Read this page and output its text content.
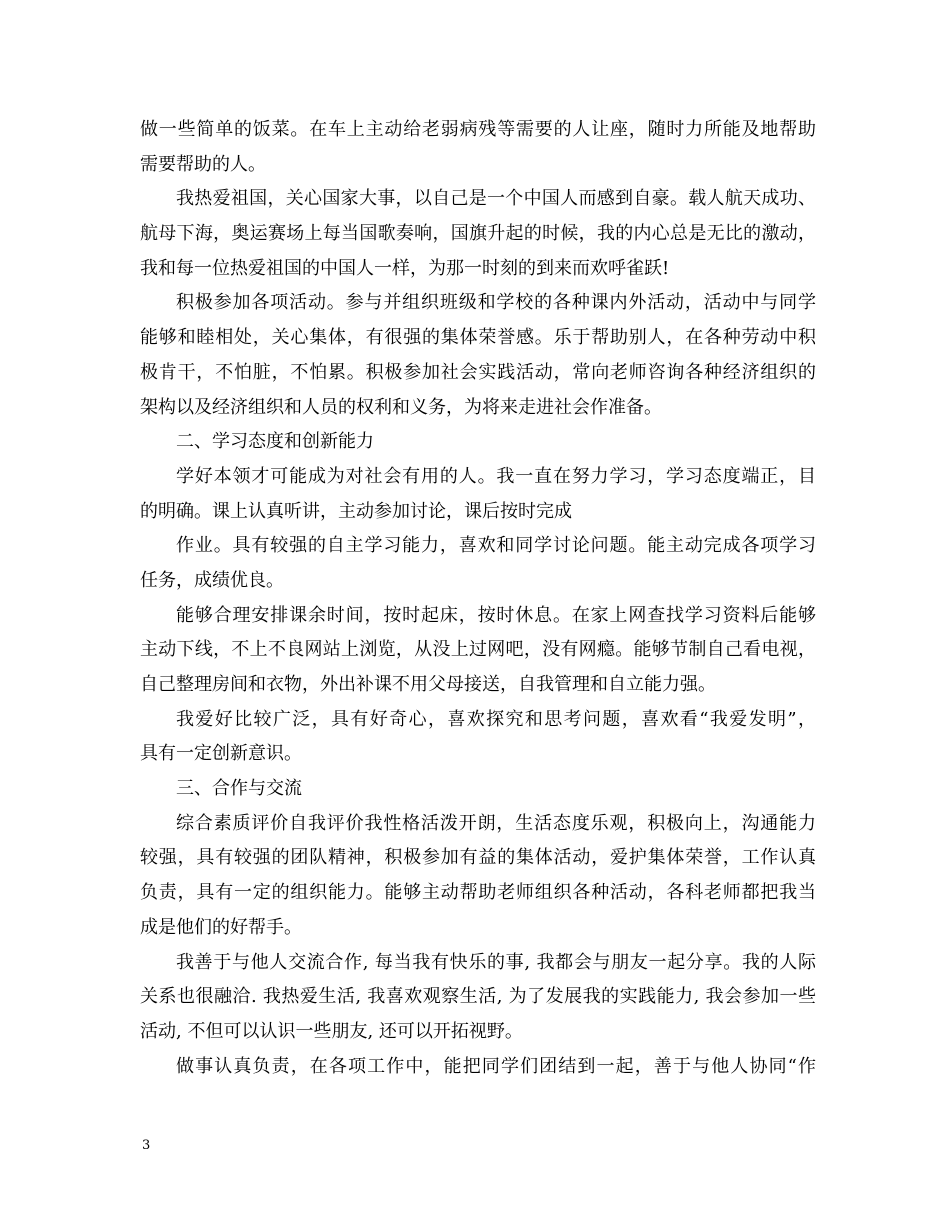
做一些简单的饭菜。在车上主动给老弱病残等需要的人让座，随时力所能及地帮助
需要帮助的人。
我热爱祖国，关心国家大事，以自己是一个中国人而感到自豪。载人航天成功、
航母下海，奥运赛场上每当国歌奏响，国旗升起的时候，我的内心总是无比的激动，
我和每一位热爱祖国的中国人一样，为那一时刻的到来而欢呼雀跃!
积极参加各项活动。参与并组织班级和学校的各种课内外活动，活动中与同学
能够和睦相处，关心集体，有很强的集体荣誉感。乐于帮助别人，在各种劳动中积
极肯干，不怕脏，不怕累。积极参加社会实践活动，常向老师咨询各种经济组织的
架构以及经济组织和人员的权利和义务，为将来走进社会作准备。
二、学习态度和创新能力
学好本领才可能成为对社会有用的人。我一直在努力学习，学习态度端正，目
的明确。课上认真听讲，主动参加讨论，课后按时完成
作业。具有较强的自主学习能力，喜欢和同学讨论问题。能主动完成各项学习
任务，成绩优良。
能够合理安排课余时间，按时起床，按时休息。在家上网查找学习资料后能够
主动下线，不上不良网站上浏览，从没上过网吧，没有网瘾。能够节制自己看电视，
自己整理房间和衣物，外出补课不用父母接送，自我管理和自立能力强。
我爱好比较广泛，具有好奇心，喜欢探究和思考问题，喜欢看“我爱发明”，
具有一定创新意识。
三、合作与交流
综合素质评价自我评价我性格活泼开朗，生活态度乐观，积极向上，沟通能力
较强，具有较强的团队精神，积极参加有益的集体活动，爱护集体荣誉，工作认真
负责，具有一定的组织能力。能够主动帮助老师组织各种活动，各科老师都把我当
成是他们的好帮手。
我善于与他人交流合作, 每当我有快乐的事, 我都会与朋友一起分享。我的人际
关系也很融洽. 我热爱生活, 我喜欢观察生活, 为了发展我的实践能力, 我会参加一些
活动, 不但可以认识一些朋友, 还可以开拓视野。
做事认真负责，在各项工作中，能把同学们团结到一起，善于与他人协同“作
3
